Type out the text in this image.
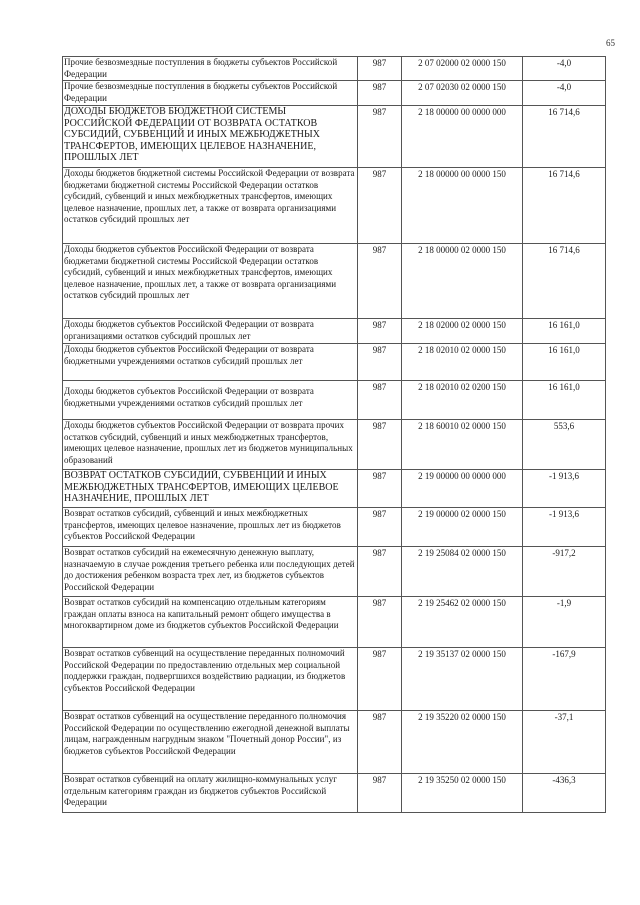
65
Прочие безвозмездные поступления в бюджеты субъектов Российской Федерации	987	2 07 02000 02 0000 150	-4,0
Прочие безвозмездные поступления в бюджеты субъектов Российской Федерации	987	2 07 02030 02 0000 150	-4,0
ДОХОДЫ БЮДЖЕТОВ БЮДЖЕТНОЙ СИСТЕМЫ РОССИЙСКОЙ ФЕДЕРАЦИИ ОТ ВОЗВРАТА ОСТАТКОВ СУБСИДИЙ, СУБВЕНЦИЙ И ИНЫХ МЕЖБЮДЖЕТНЫХ ТРАНСФЕРТОВ, ИМЕЮЩИХ ЦЕЛЕВОЕ НАЗНАЧЕНИЕ, ПРОШЛЫХ ЛЕТ	987	2 18 00000 00 0000 000	16 714,6
Доходы бюджетов бюджетной системы Российской Федерации от возврата бюджетами бюджетной системы Российской Федерации остатков субсидий, субвенций и иных межбюджетных трансфертов, имеющих целевое назначение, прошлых лет, а также от возврата организациями остатков субсидий прошлых лет	987	2 18 00000 00 0000 150	16 714,6
Доходы бюджетов субъектов Российской Федерации от возврата бюджетами бюджетной системы Российской Федерации остатков субсидий, субвенций и иных межбюджетных трансфертов, имеющих целевое назначение, прошлых лет, а также от возврата организациями остатков субсидий прошлых лет	987	2 18 00000 02 0000 150	16 714,6
Доходы бюджетов субъектов Российской Федерации от возврата организациями остатков субсидий прошлых лет	987	2 18 02000 02 0000 150	16 161,0
Доходы бюджетов субъектов Российской Федерации от возврата бюджетными учреждениями остатков субсидий прошлых лет	987	2 18 02010 02 0000 150	16 161,0
Доходы бюджетов субъектов Российской Федерации от возврата бюджетными учреждениями остатков субсидий прошлых лет	987	2 18 02010 02 0200 150	16 161,0
Доходы бюджетов субъектов Российской Федерации от возврата прочих остатков субсидий, субвенций и иных межбюджетных трансфертов, имеющих целевое назначение, прошлых лет из бюджетов муниципальных образований	987	2 18 60010 02 0000 150	553,6
ВОЗВРАТ ОСТАТКОВ СУБСИДИЙ, СУБВЕНЦИЙ И ИНЫХ МЕЖБЮДЖЕТНЫХ ТРАНСФЕРТОВ, ИМЕЮЩИХ ЦЕЛЕВОЕ НАЗНАЧЕНИЕ, ПРОШЛЫХ ЛЕТ	987	2 19 00000 00 0000 000	-1 913,6
Возврат остатков субсидий, субвенций и иных межбюджетных трансфертов, имеющих целевое назначение, прошлых лет из бюджетов субъектов Российской Федерации	987	2 19 00000 02 0000 150	-1 913,6
Возврат остатков субсидий на ежемесячную денежную выплату, назначаемую в случае рождения третьего ребенка или последующих детей до достижения ребенком возраста трех лет, из бюджетов субъектов Российской Федерации	987	2 19 25084 02 0000 150	-917,2
Возврат остатков субсидий на компенсацию отдельным категориям граждан оплаты взноса на капитальный ремонт общего имущества в многоквартирном доме из бюджетов субъектов Российской Федерации	987	2 19 25462 02 0000 150	-1,9
Возврат остатков субвенций на осуществление переданных полномочий Российской Федерации по предоставлению отдельных мер социальной поддержки граждан, подвергшихся воздействию радиации, из бюджетов субъектов Российской Федерации	987	2 19 35137 02 0000 150	-167,9
Возврат остатков субвенций на осуществление переданного полномочия Российской Федерации по осуществлению ежегодной денежной выплаты лицам, награжденным нагрудным знаком "Почетный донор России", из бюджетов субъектов Российской Федерации	987	2 19 35220 02 0000 150	-37,1
Возврат остатков субвенций на оплату жилищно-коммунальных услуг отдельным категориям граждан из бюджетов субъектов Российской Федерации	987	2 19 35250 02 0000 150	-436,3
